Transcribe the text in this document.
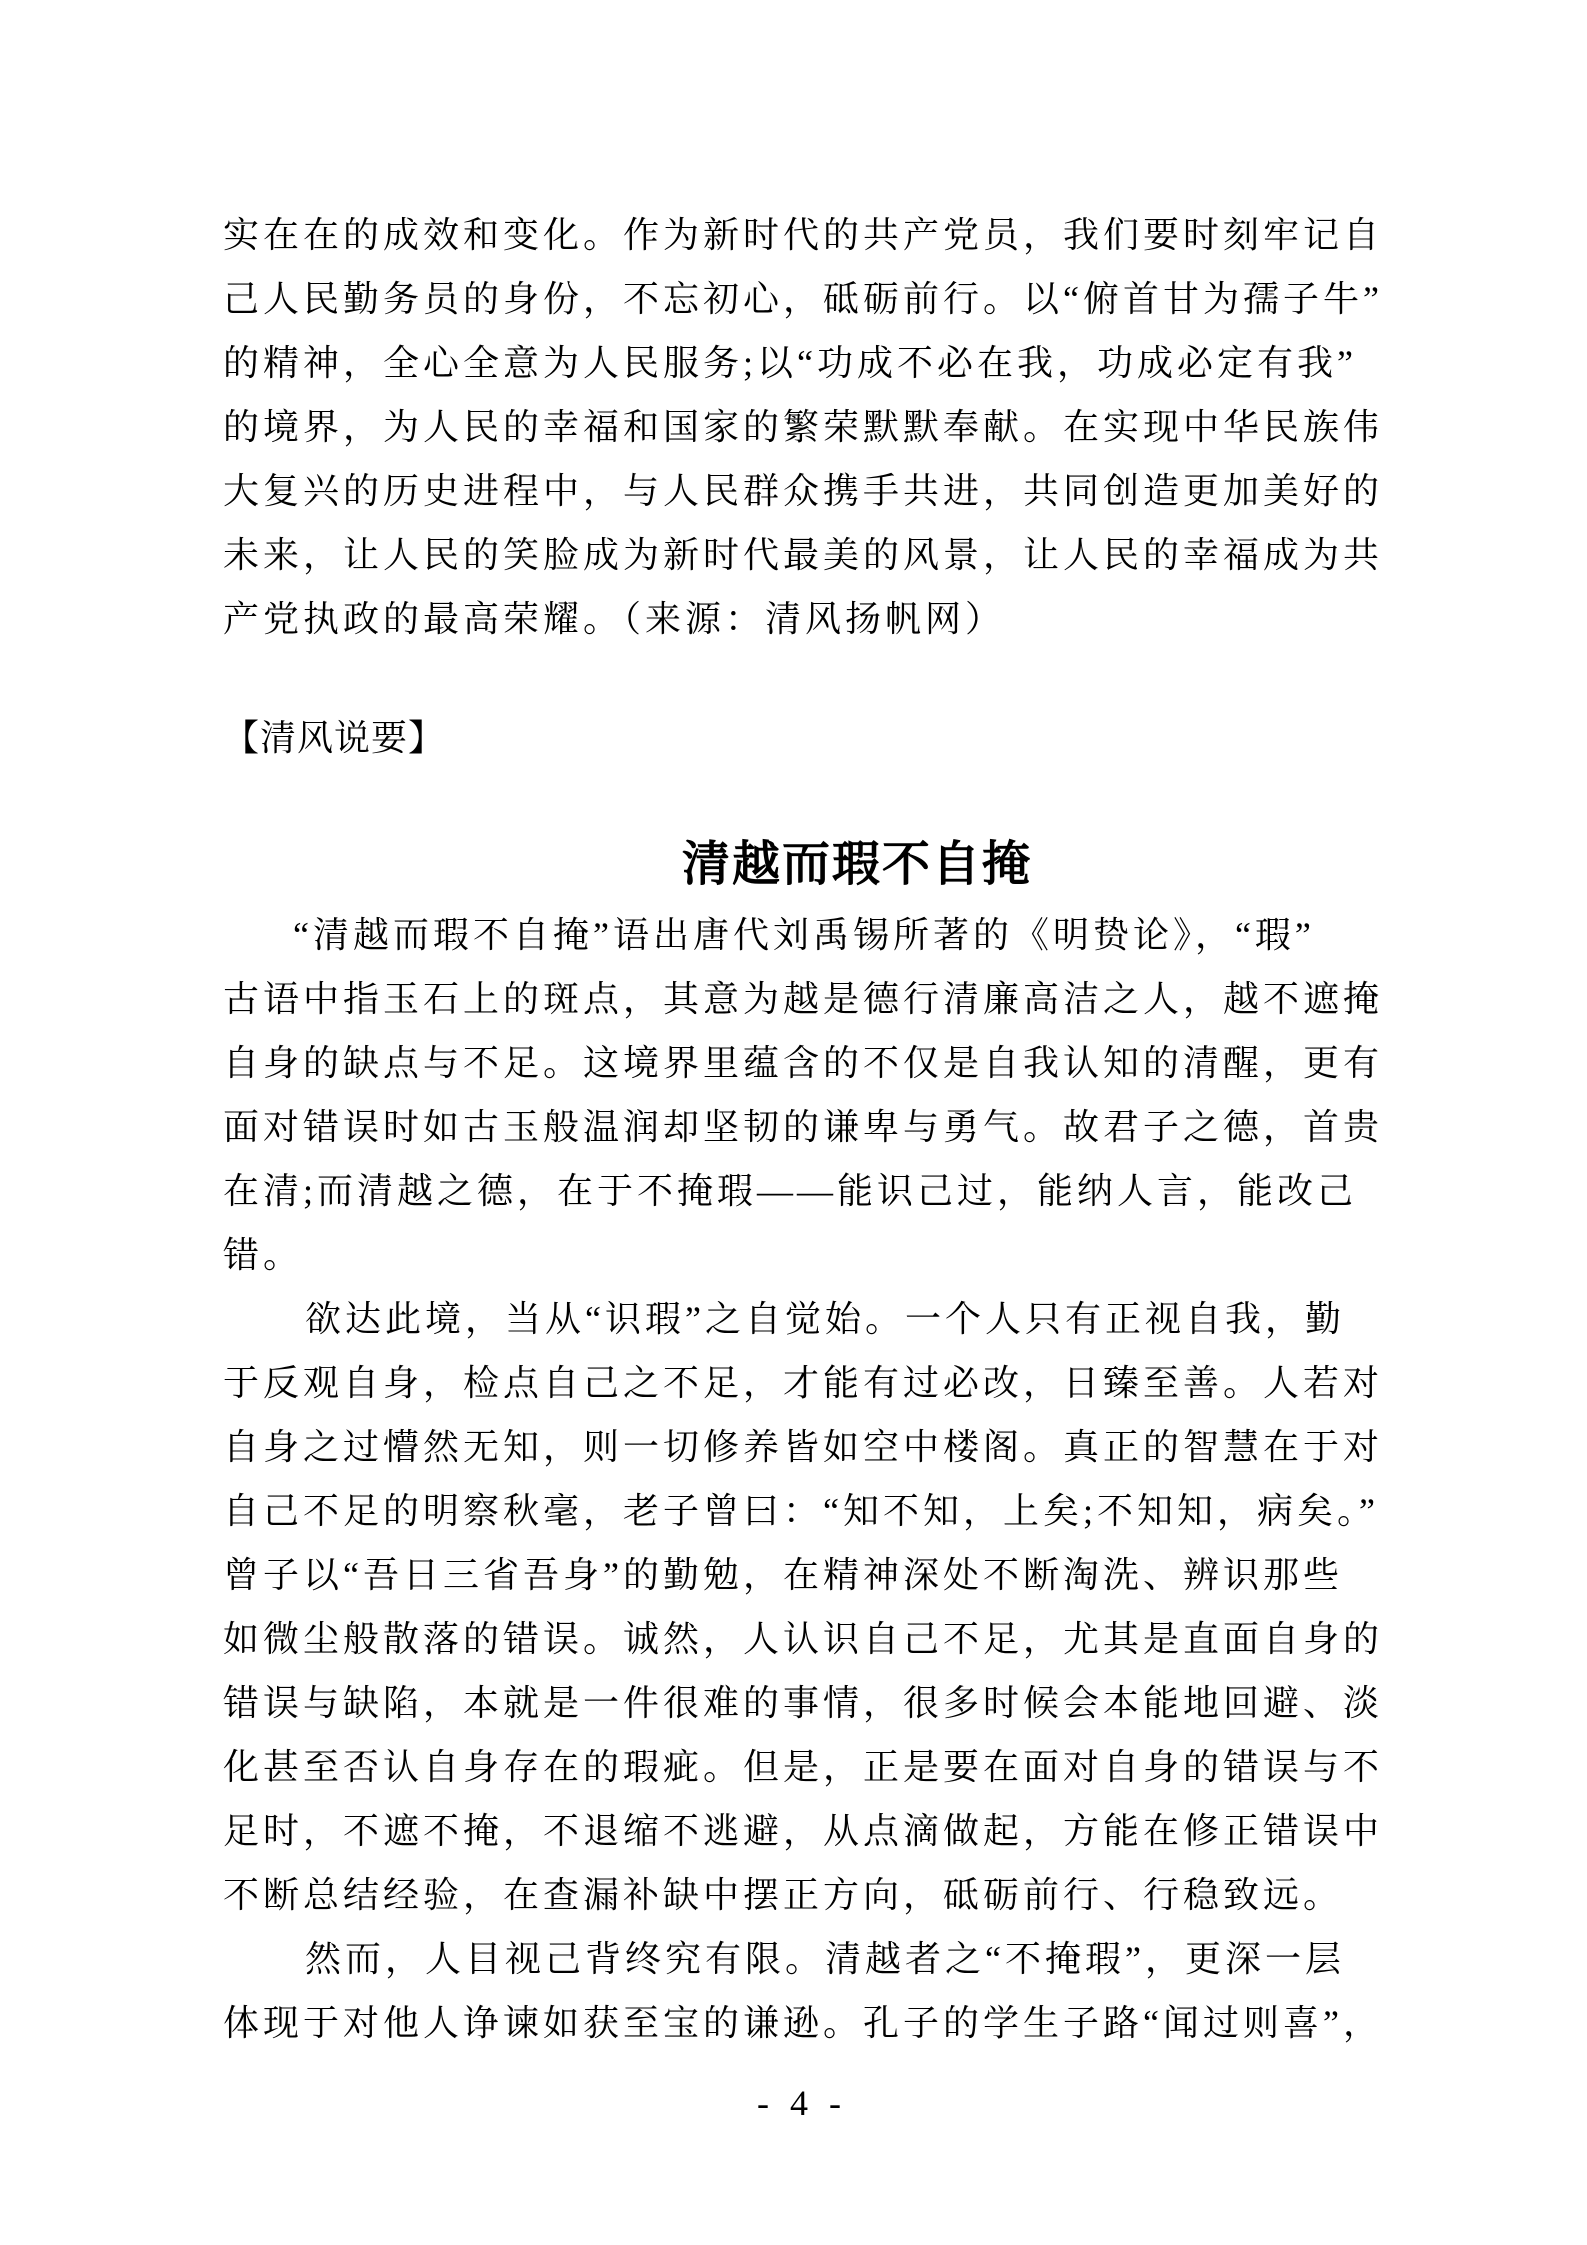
实在在的成效和变化。作为新时代的共产党员，我们要时刻牢记自
己人民勤务员的身份，不忘初心，砥砺前行。以“俯首甘为孺子牛”
的精神，全心全意为人民服务;以“功成不必在我，功成必定有我”
的境界，为人民的幸福和国家的繁荣默默奉献。在实现中华民族伟
大复兴的历史进程中，与人民群众携手共进，共同创造更加美好的
未来，让人民的笑脸成为新时代最美的风景，让人民的幸福成为共
产党执政的最高荣耀。（来源：清风扬帆网）
【清风说要】
清越而瑕不自掩
“清越而瑕不自掩”语出唐代刘禹锡所著的《明贽论》，“瑕”
古语中指玉石上的斑点，其意为越是德行清廉高洁之人，越不遮掩
自身的缺点与不足。这境界里蕴含的不仅是自我认知的清醒，更有
面对错误时如古玉般温润却坚韧的谦卑与勇气。故君子之德，首贵
在清;而清越之德，在于不掩瑕——能识己过，能纳人言，能改己
错。
欲达此境，当从“识瑕”之自觉始。一个人只有正视自我，勤
于反观自身，检点自己之不足，才能有过必改，日臻至善。人若对
自身之过懵然无知，则一切修养皆如空中楼阁。真正的智慧在于对
自己不足的明察秋毫，老子曾曰：“知不知，上矣;不知知，病矣。”
曾子以“吾日三省吾身”的勤勉，在精神深处不断淘洗、辨识那些
如微尘般散落的错误。诚然，人认识自己不足，尤其是直面自身的
错误与缺陷，本就是一件很难的事情，很多时候会本能地回避、淡
化甚至否认自身存在的瑕疵。但是，正是要在面对自身的错误与不
足时，不遮不掩，不退缩不逃避，从点滴做起，方能在修正错误中
不断总结经验，在查漏补缺中摆正方向，砥砺前行、行稳致远。
然而，人目视己背终究有限。清越者之“不掩瑕”，更深一层
体现于对他人诤谏如获至宝的谦逊。孔子的学生子路“闻过则喜”，
- 4 -
